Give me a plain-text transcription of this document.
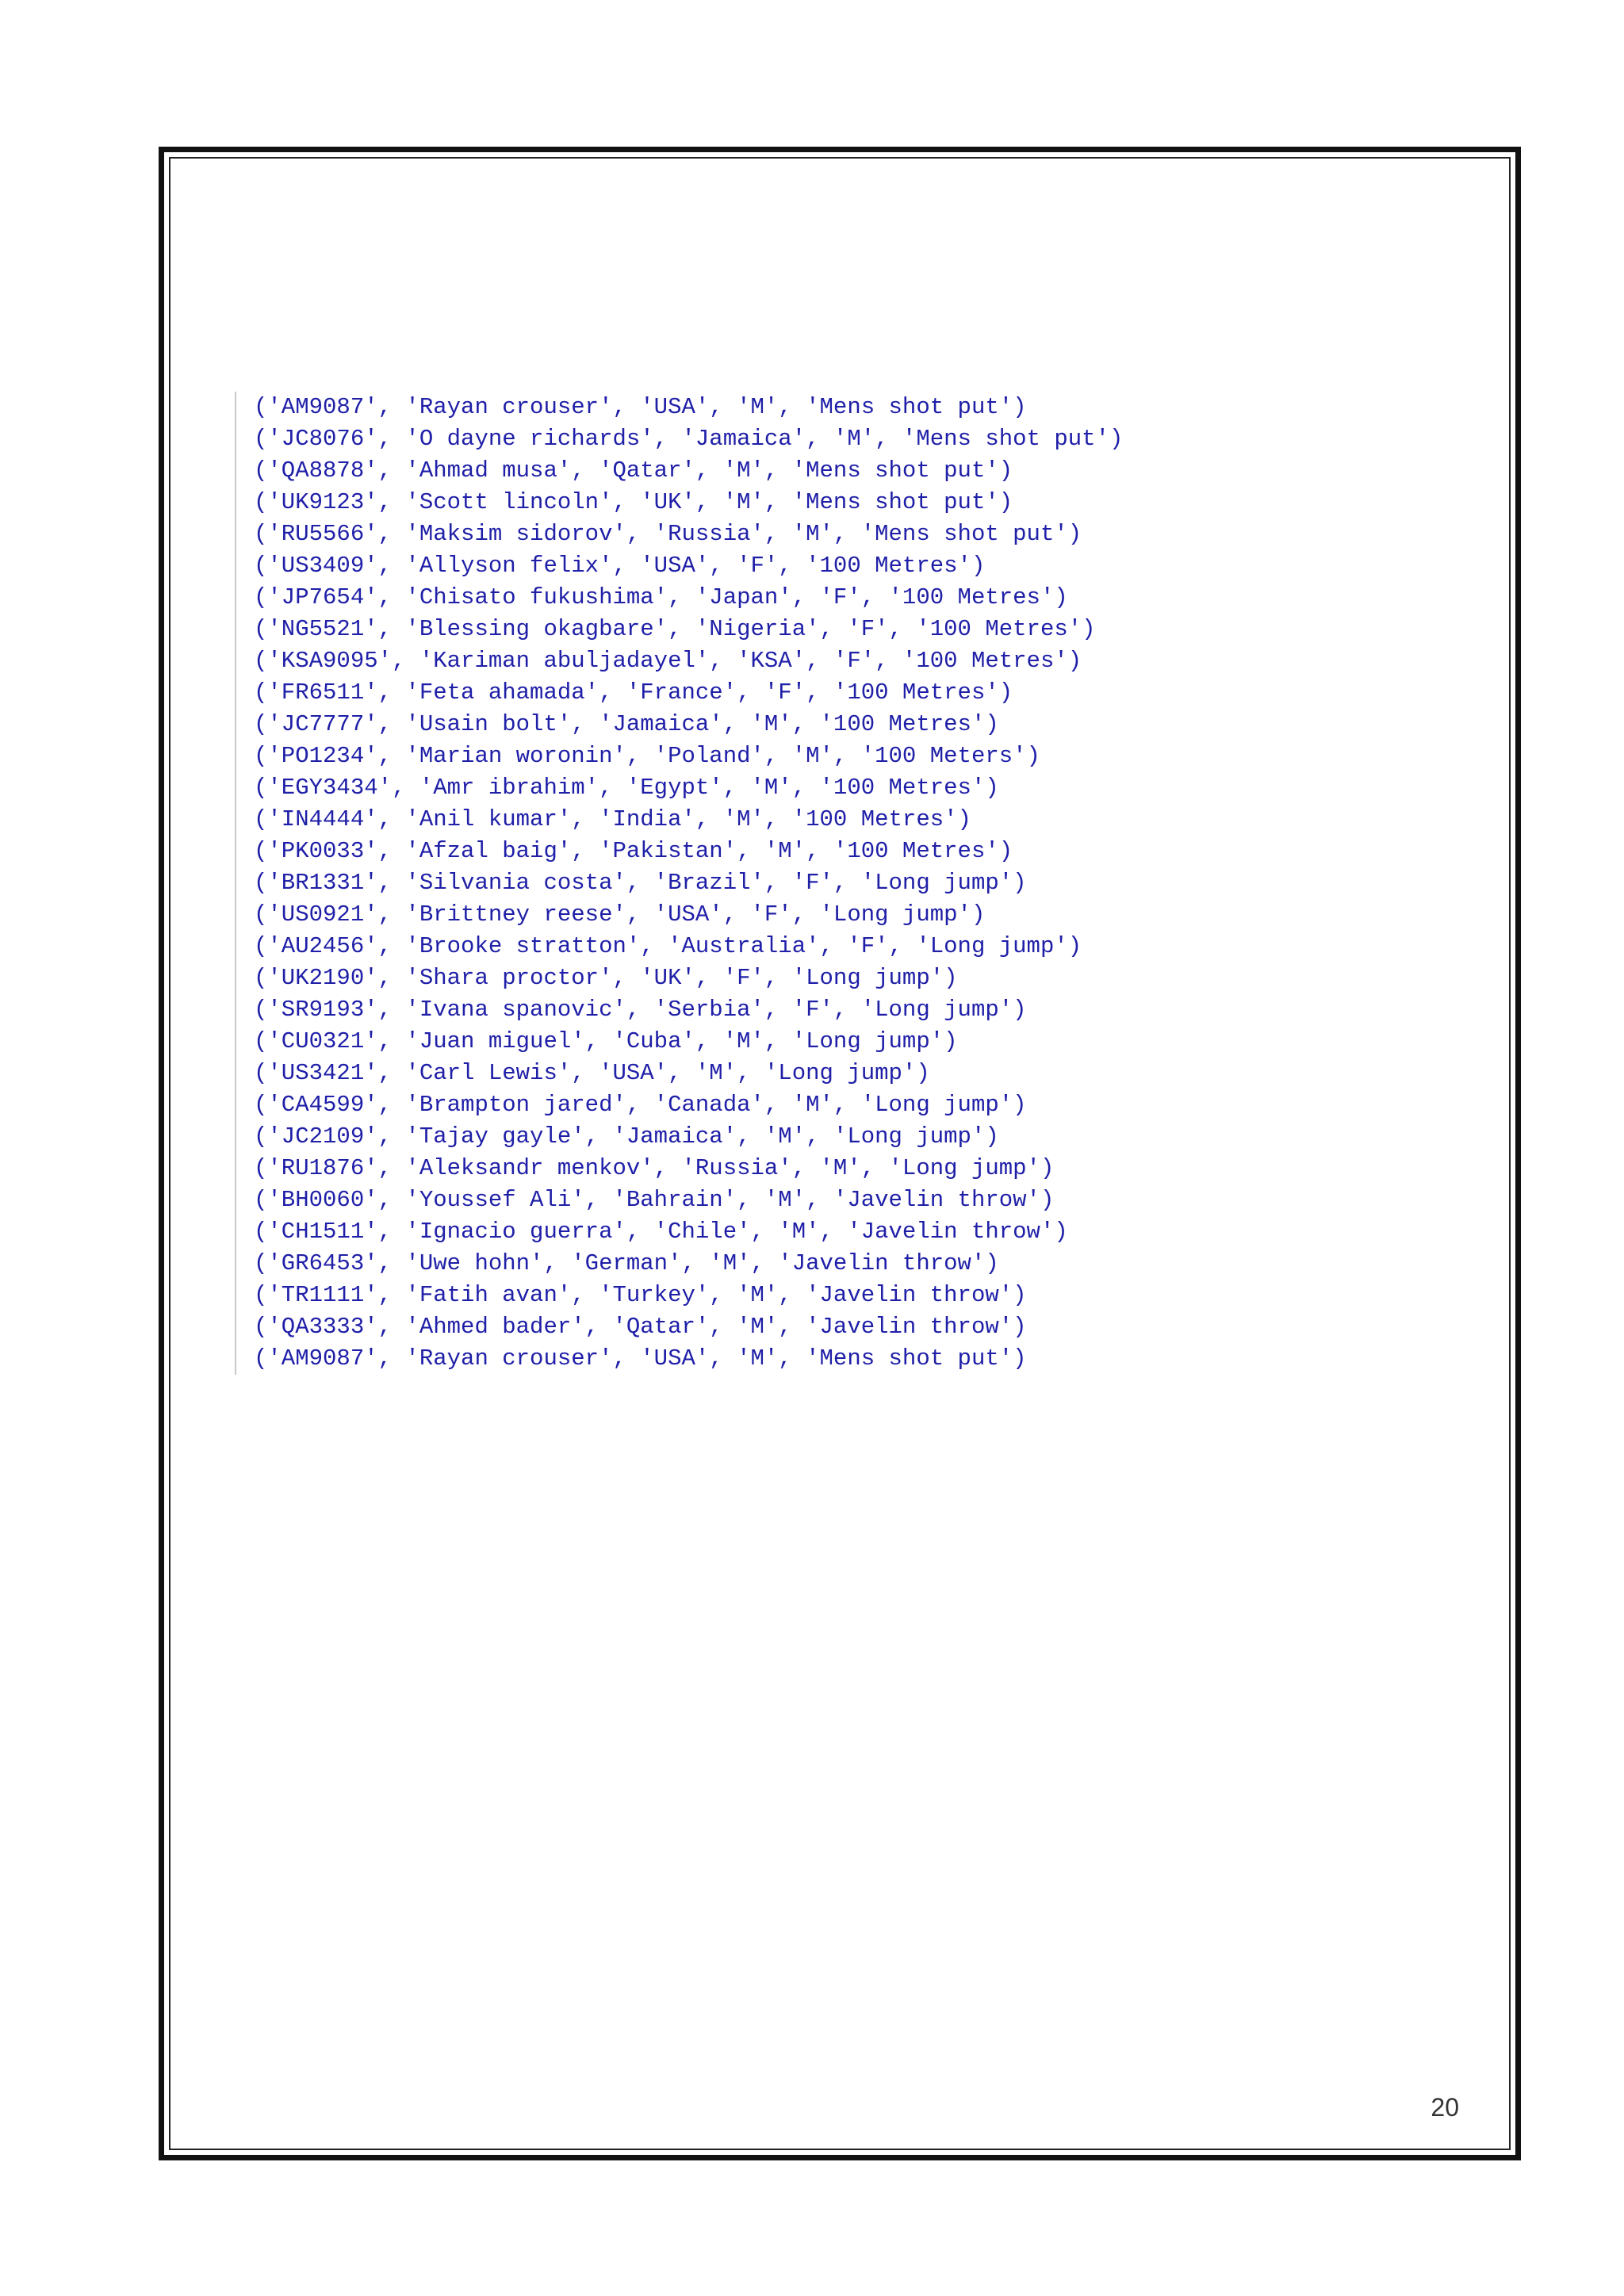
('AM9087', 'Rayan crouser', 'USA', 'M', 'Mens shot put')
('JC8076', 'O dayne richards', 'Jamaica', 'M', 'Mens shot put')
('QA8878', 'Ahmad musa', 'Qatar', 'M', 'Mens shot put')
('UK9123', 'Scott lincoln', 'UK', 'M', 'Mens shot put')
('RU5566', 'Maksim sidorov', 'Russia', 'M', 'Mens shot put')
('US3409', 'Allyson felix', 'USA', 'F', '100 Metres')
('JP7654', 'Chisato fukushima', 'Japan', 'F', '100 Metres')
('NG5521', 'Blessing okagbare', 'Nigeria', 'F', '100 Metres')
('KSA9095', 'Kariman abuljadayel', 'KSA', 'F', '100 Metres')
('FR6511', 'Feta ahamada', 'France', 'F', '100 Metres')
('JC7777', 'Usain bolt', 'Jamaica', 'M', '100 Metres')
('PO1234', 'Marian woronin', 'Poland', 'M', '100 Meters')
('EGY3434', 'Amr ibrahim', 'Egypt', 'M', '100 Metres')
('IN4444', 'Anil kumar', 'India', 'M', '100 Metres')
('PK0033', 'Afzal baig', 'Pakistan', 'M', '100 Metres')
('BR1331', 'Silvania costa', 'Brazil', 'F', 'Long jump')
('US0921', 'Brittney reese', 'USA', 'F', 'Long jump')
('AU2456', 'Brooke stratton', 'Australia', 'F', 'Long jump')
('UK2190', 'Shara proctor', 'UK', 'F', 'Long jump')
('SR9193', 'Ivana spanovic', 'Serbia', 'F', 'Long jump')
('CU0321', 'Juan miguel', 'Cuba', 'M', 'Long jump')
('US3421', 'Carl Lewis', 'USA', 'M', 'Long jump')
('CA4599', 'Brampton jared', 'Canada', 'M', 'Long jump')
('JC2109', 'Tajay gayle', 'Jamaica', 'M', 'Long jump')
('RU1876', 'Aleksandr menkov', 'Russia', 'M', 'Long jump')
('BH0060', 'Youssef Ali', 'Bahrain', 'M', 'Javelin throw')
('CH1511', 'Ignacio guerra', 'Chile', 'M', 'Javelin throw')
('GR6453', 'Uwe hohn', 'German', 'M', 'Javelin throw')
('TR1111', 'Fatih avan', 'Turkey', 'M', 'Javelin throw')
('QA3333', 'Ahmed bader', 'Qatar', 'M', 'Javelin throw')
('AM9087', 'Rayan crouser', 'USA', 'M', 'Mens shot put')
20
